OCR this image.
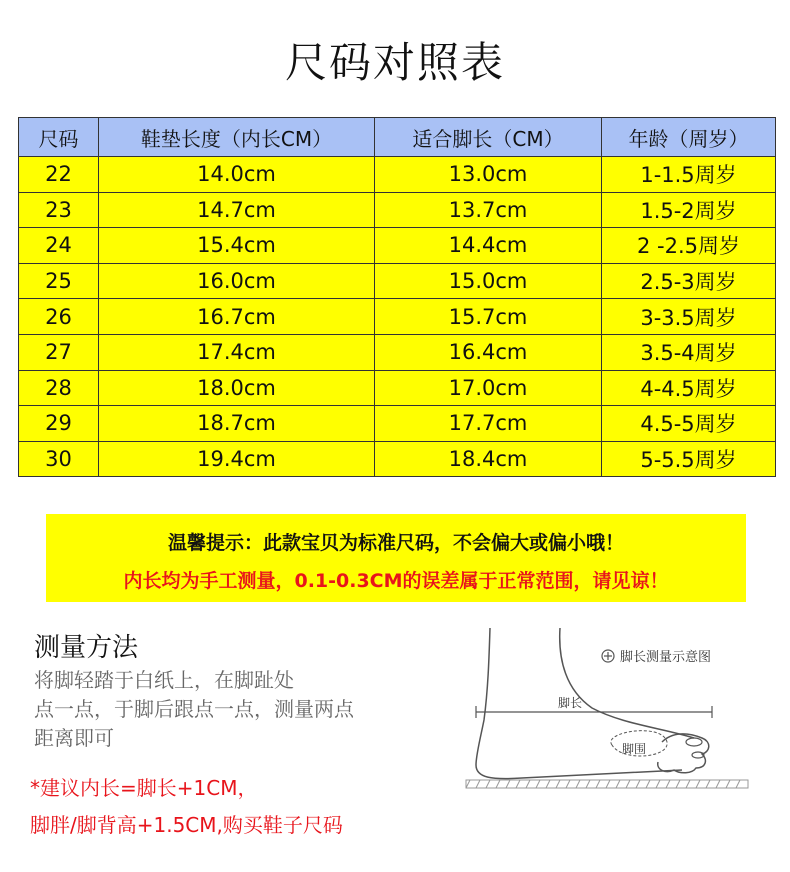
尺码对照表
尺码	鞋垫长度（内长CM）	适合脚长（CM）	年龄（周岁）
22	14.0cm	13.0cm	1-1.5周岁
23	14.7cm	13.7cm	1.5-2周岁
24	15.4cm	14.4cm	2 -2.5周岁
25	16.0cm	15.0cm	2.5-3周岁
26	16.7cm	15.7cm	3-3.5周岁
27	17.4cm	16.4cm	3.5-4周岁
28	18.0cm	17.0cm	4-4.5周岁
29	18.7cm	17.7cm	4.5-5周岁
30	19.4cm	18.4cm	5-5.5周岁
温馨提示：此款宝贝为标准尺码，不会偏大或偏小哦！
内长均为手工测量，0.1-0.3CM的误差属于正常范围，请见谅！
测量方法
将脚轻踏于白纸上，在脚趾处
点一点，于脚后跟点一点，测量两点
距离即可
*建议内长=脚长+1CM，
脚胖/脚背高+1.5CM,购买鞋子尺码
脚长测量示意图
脚长
脚围
